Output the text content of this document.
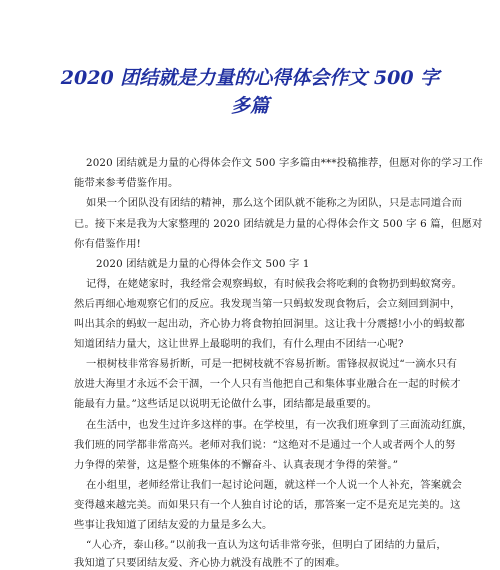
2020 团结就是力量的心得体会作文 500 字
多篇
2020 团结就是力量的心得体会作文 500 字多篇由***投稿推荐，但愿对你的学习工作
能带来参考借鉴作用。
如果一个团队没有团结的精神，那么这个团队就不能称之为团队，只是志同道合而
已。接下来是我为大家整理的 2020 团结就是力量的心得体会作文 500 字 6 篇，但愿对
你有借鉴作用!
2020 团结就是力量的心得体会作文 500 字 1
记得，在姥姥家时，我经常会观察蚂蚁，有时候我会将吃剩的食物扔到蚂蚁窝旁。
然后再细心地观察它们的反应。我发现当第一只蚂蚁发现食物后，会立刻回到洞中，
叫出其余的蚂蚁一起出动，齐心协力将食物拍回洞里。这让我十分震撼!小小的蚂蚁都
知道团结力量大，这让世界上最聪明的我们，有什么理由不团结一心呢?
一根树枝非常容易折断，可是一把树枝就不容易折断。雷锋叔叔说过“一滴水只有
放进大海里才永远不会干涸，一个人只有当他把自己和集体事业融合在一起的时候才
能最有力量。”这些话足以说明无论做什么事，团结都是最重要的。
在生活中，也发生过许多这样的事。在学校里，有一次我们班拿到了三面流动红旗，
我们班的同学都非常高兴。老师对我们说：“这绝对不是通过一个人或者两个人的努
力争得的荣誉，这是整个班集体的不懈奋斗、认真表现才争得的荣誉。”
在小组里，老师经常让我们一起讨论问题，就这样一个人说一个人补充，答案就会
变得越来越完美。而如果只有一个人独自讨论的话，那答案一定不是充足完美的。这
些事让我知道了团结友爱的力量是多么大。
“人心齐，泰山移。”以前我一直认为这句话非常夸张，但明白了团结的力量后，
我知道了只要团结友爱、齐心协力就没有战胜不了的困难。
